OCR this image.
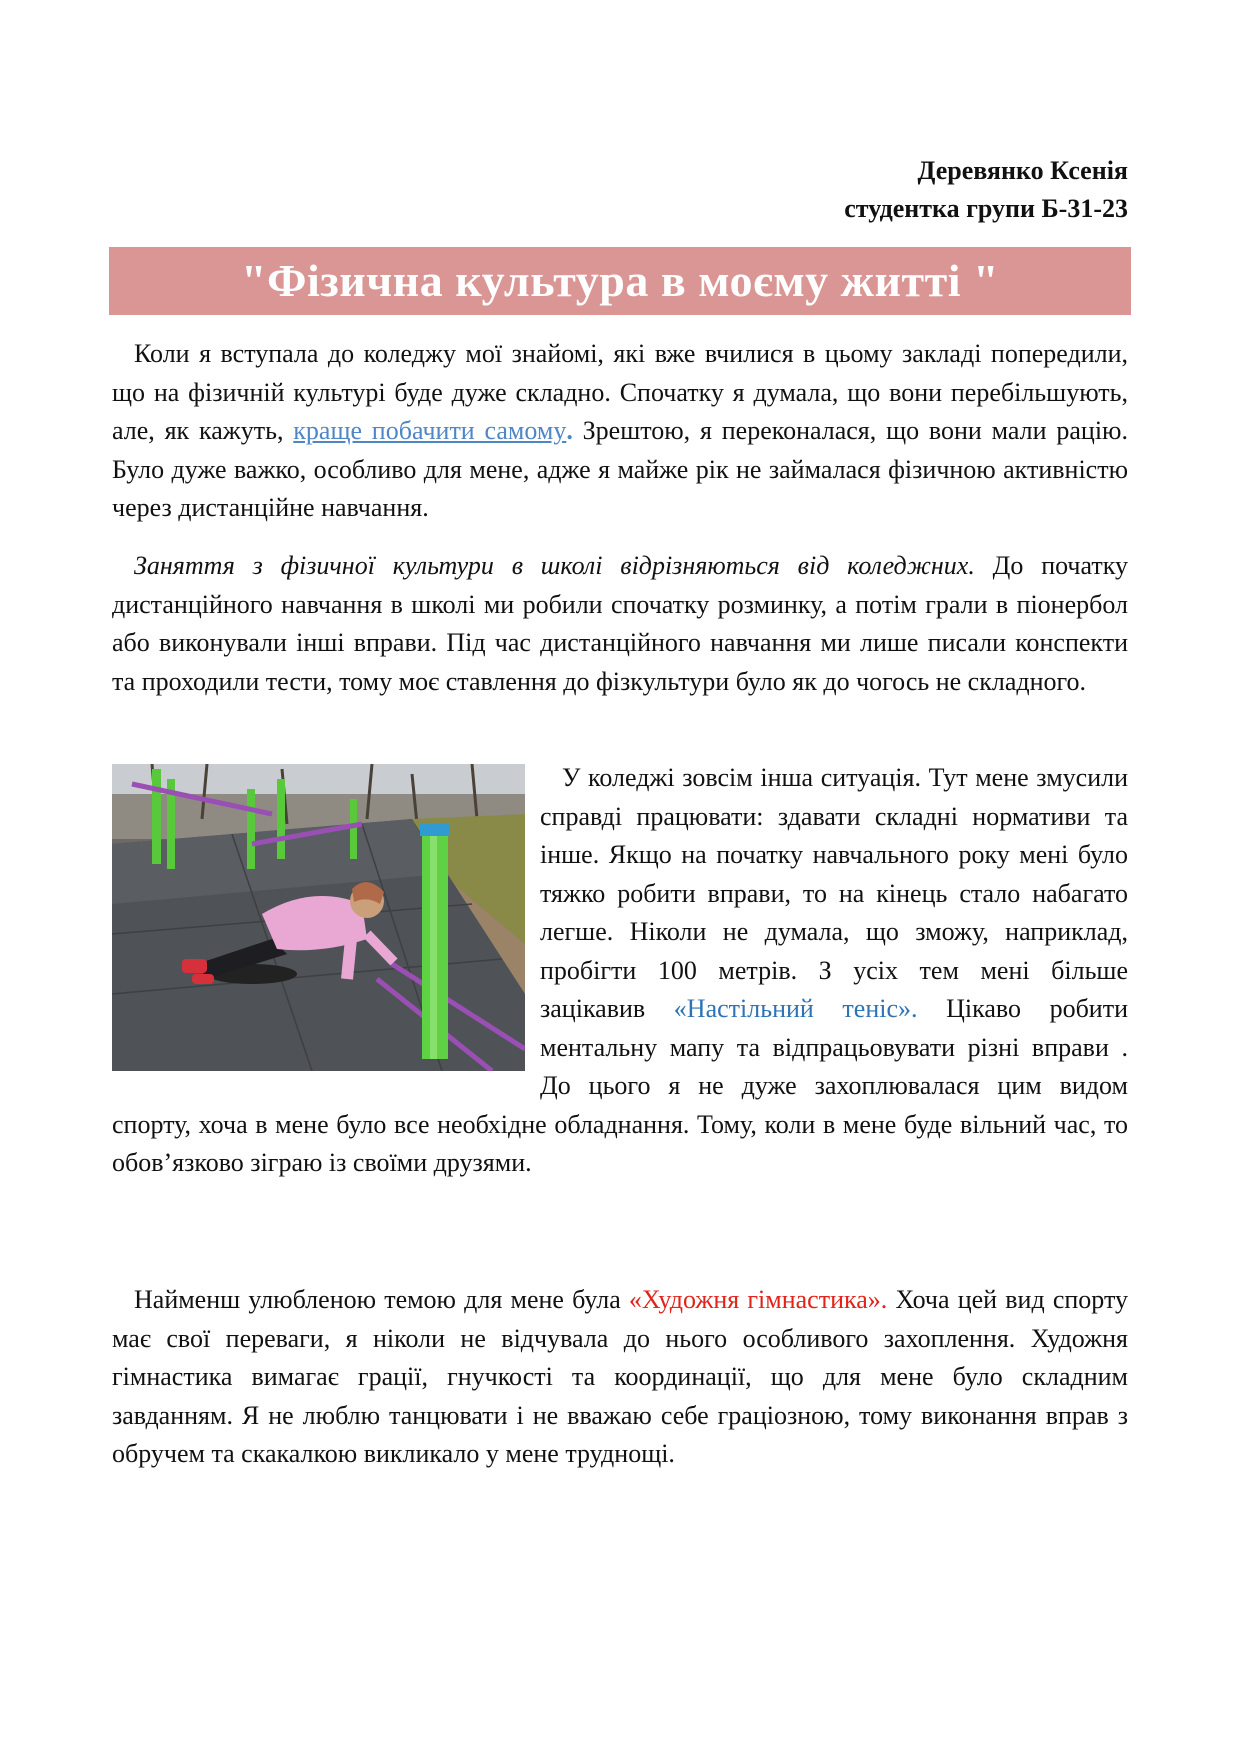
Деревянко Ксенія
студентка групи Б-31-23
"Фізична культура в моєму житті "

Коли я вступала до коледжу мої знайомі, які вже вчилися в цьому закладі попередили, що на фізичній культурі буде дуже складно. Спочатку я думала, що вони перебільшують, але, як кажуть, краще побачити самому. Зрештою, я переконалася, що вони мали рацію. Було дуже важко, особливо для мене, адже я майже рік не займалася фізичною активністю через дистанційне навчання.

Заняття з фізичної культури в школі відрізняються від коледжних. До початку дистанційного навчання в школі ми робили спочатку розминку, а потім грали в піонербол або виконували інші вправи. Під час дистанційного навчання ми лише писали конспекти та проходили тести, тому моє ставлення до фізкультури було як до чогось не складного.

У коледжі зовсім інша ситуація. Тут мене змусили справді працювати: здавати складні нормативи та інше. Якщо на початку навчального року мені було тяжко робити вправи, то на кінець стало набагато легше. Ніколи не думала, що зможу, наприклад, пробігти 100 метрів. З усіх тем мені більше зацікавив «Настільний теніс». Цікаво робити ментальну мапу та відпрацьовувати різні вправи . До цього я не дуже захоплювалася цим видом спорту, хоча в мене було все необхідне обладнання. Тому, коли в мене буде вільний час, то обов’язково зіграю із своїми друзями.

Найменш улюбленою темою для мене була «Художня гімнастика». Хоча цей вид спорту має свої переваги, я ніколи не відчувала до нього особливого захоплення. Художня гімнастика вимагає грації, гнучкості та координації, що для мене було складним завданням. Я не люблю танцювати і не вважаю себе граціозною, тому виконання вправ з обручем та скакалкою викликало у мене труднощі.
